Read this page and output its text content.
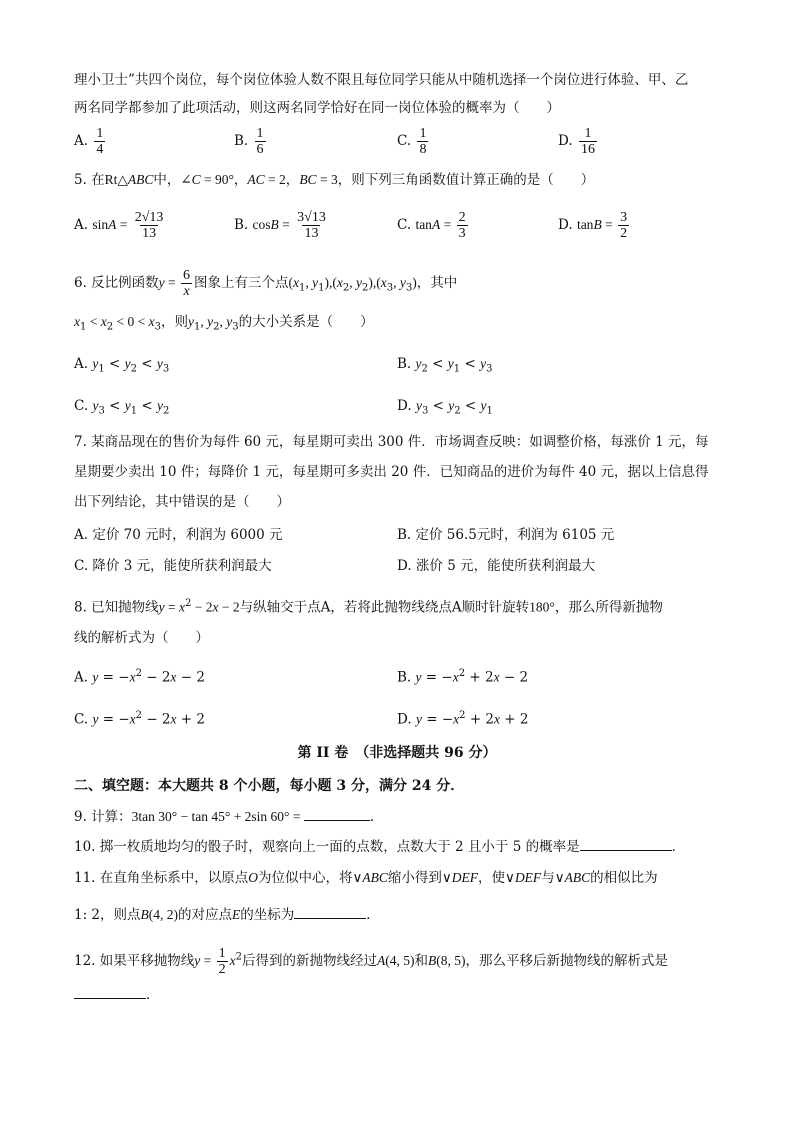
理小卫士”共四个岗位，每个岗位体验人数不限且每位同学只能从中随机选择一个岗位进行体验、甲、乙
两名同学都参加了此项活动，则这两名同学恰好在同一岗位体验的概率为（　　）
A. $\frac{1}{4}$	B. $\frac{1}{6}$	C. $\frac{1}{8}$	D. $\frac{1}{16}$
5. 在Rt△ABC中，∠C = 90°，AC = 2，BC = 3，则下列三角函数值计算正确的是（　　）
A. $\sin A = \frac{2√13}{13}$	B. $\cos B = \frac{3√13}{13}$	C. $\tan A = \frac{2}{3}$	D. $\tan B = \frac{3}{2}$
6. 反比例函数$y = \frac{6}{x}$ 图象上有三个点($x_1$, $y_1),(x_2$, $y_2),(x_3$, $y_3$)，其中
$x_1 < x_2 < 0 < x_3$，则$y_1$, $y_2$, $y_3$的大小关系是（　　）
A. $y_1 < y_2 < y_3$	B. $y_2 < y_1 < y_3$
C. $y_3 < y_1 < y_2$	D. $y_3 < y_2 < y_1$
7. 某商品现在的售价为每件 60 元，每星期可卖出 300 件．市场调查反映：如调整价格，每涨价 1 元，每
星期要少卖出 10 件；每降价 1 元，每星期可多卖出 20 件．已知商品的进价为每件 40 元，据以上信息得
出下列结论，其中错误的是（　　）
A. 定价 70 元时，利润为 6000 元	B. 定价 56.5元时，利润为 6105 元
C. 降价 3 元，能使所获利润最大	D. 涨价 5 元，能使所获利润最大
8. 已知抛物线$y = x^2 - 2x - 2$与纵轴交于点A，若将此抛物线绕点A顺时针旋转180°，那么所得新抛物
线的解析式为（　　）
A. $y = -x^2 - 2x - 2$	B. $y = -x^2 + 2x - 2$
C. $y = -x^2 - 2x + 2$	D. $y = -x^2 + 2x + 2$
第 II 卷　（非选择题共 96 分）
二、填空题：本大题共 8 个小题，每小题 3 分，满分 24 分．
9. 计算：3tan 30° − tan 45° + 2sin 60° =	．
10. 掷一枚质地均匀的骰子时，观察向上一面的点数，点数大于 2 且小于 5 的概率是	．
11. 在直角坐标系中，以原点O为位似中心，将∨ABC缩小得到∨DEF，使∨DEF与∨ABC的相似比为
1: 2，则点B(4, 2)的对应点E的坐标为	．
12. 如果平移抛物线$y = \frac{1}{2} x^2$后得到的新抛物线经过A(4, 5)和B(8, 5)，那么平移后新抛物线的解析式是
．
